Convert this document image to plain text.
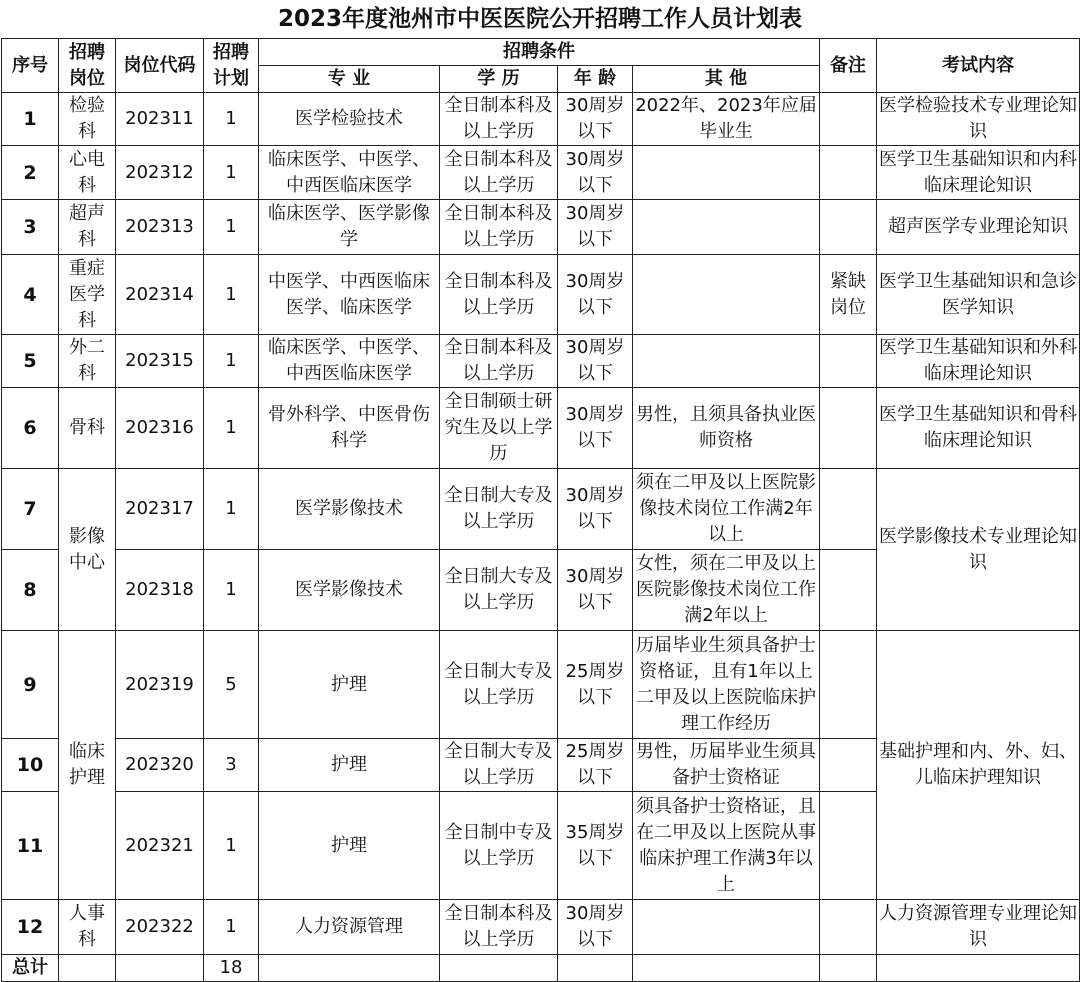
2023年度池州市中医医院公开招聘工作人员计划表
序号	招聘岗位	岗位代码	招聘计划	招聘条件				备注	考试内容
				专 业	学 历	年 龄	其 他		
1	检验科	202311	1	医学检验技术	全日制本科及以上学历	30周岁以下	2022年、2023年应届毕业生		医学检验技术专业理论知识
2	心电科	202312	1	临床医学、中医学、中西医临床医学	全日制本科及以上学历	30周岁以下			医学卫生基础知识和内科临床理论知识
3	超声科	202313	1	临床医学、医学影像学	全日制本科及以上学历	30周岁以下			超声医学专业理论知识
4	重症医学科	202314	1	中医学、中西医临床医学、临床医学	全日制本科及以上学历	30周岁以下		紧缺岗位	医学卫生基础知识和急诊医学知识
5	外二科	202315	1	临床医学、中医学、中西医临床医学	全日制本科及以上学历	30周岁以下			医学卫生基础知识和外科临床理论知识
6	骨科	202316	1	骨外科学、中医骨伤科学	全日制硕士研究生及以上学历	30周岁以下	男性，且须具备执业医师资格		医学卫生基础知识和骨科临床理论知识
7	影像中心	202317	1	医学影像技术	全日制大专及以上学历	30周岁以下	须在二甲及以上医院影像技术岗位工作满2年以上		医学影像技术专业理论知识
8		202318	1	医学影像技术	全日制大专及以上学历	30周岁以下	女性，须在二甲及以上医院影像技术岗位工作满2年以上		
9	临床护理	202319	5	护理	全日制大专及以上学历	25周岁以下	历届毕业生须具备护士资格证，且有1年以上二甲及以上医院临床护理工作经历		基础护理和内、外、妇、儿临床护理知识
10		202320	3	护理	全日制大专及以上学历	25周岁以下	男性，历届毕业生须具备护士资格证		
11		202321	1	护理	全日制中专及以上学历	35周岁以下	须具备护士资格证，且在二甲及以上医院从事临床护理工作满3年以上		
12	人事科	202322	1	人力资源管理	全日制本科及以上学历	30周岁以下			人力资源管理专业理论知识
总计			18						
